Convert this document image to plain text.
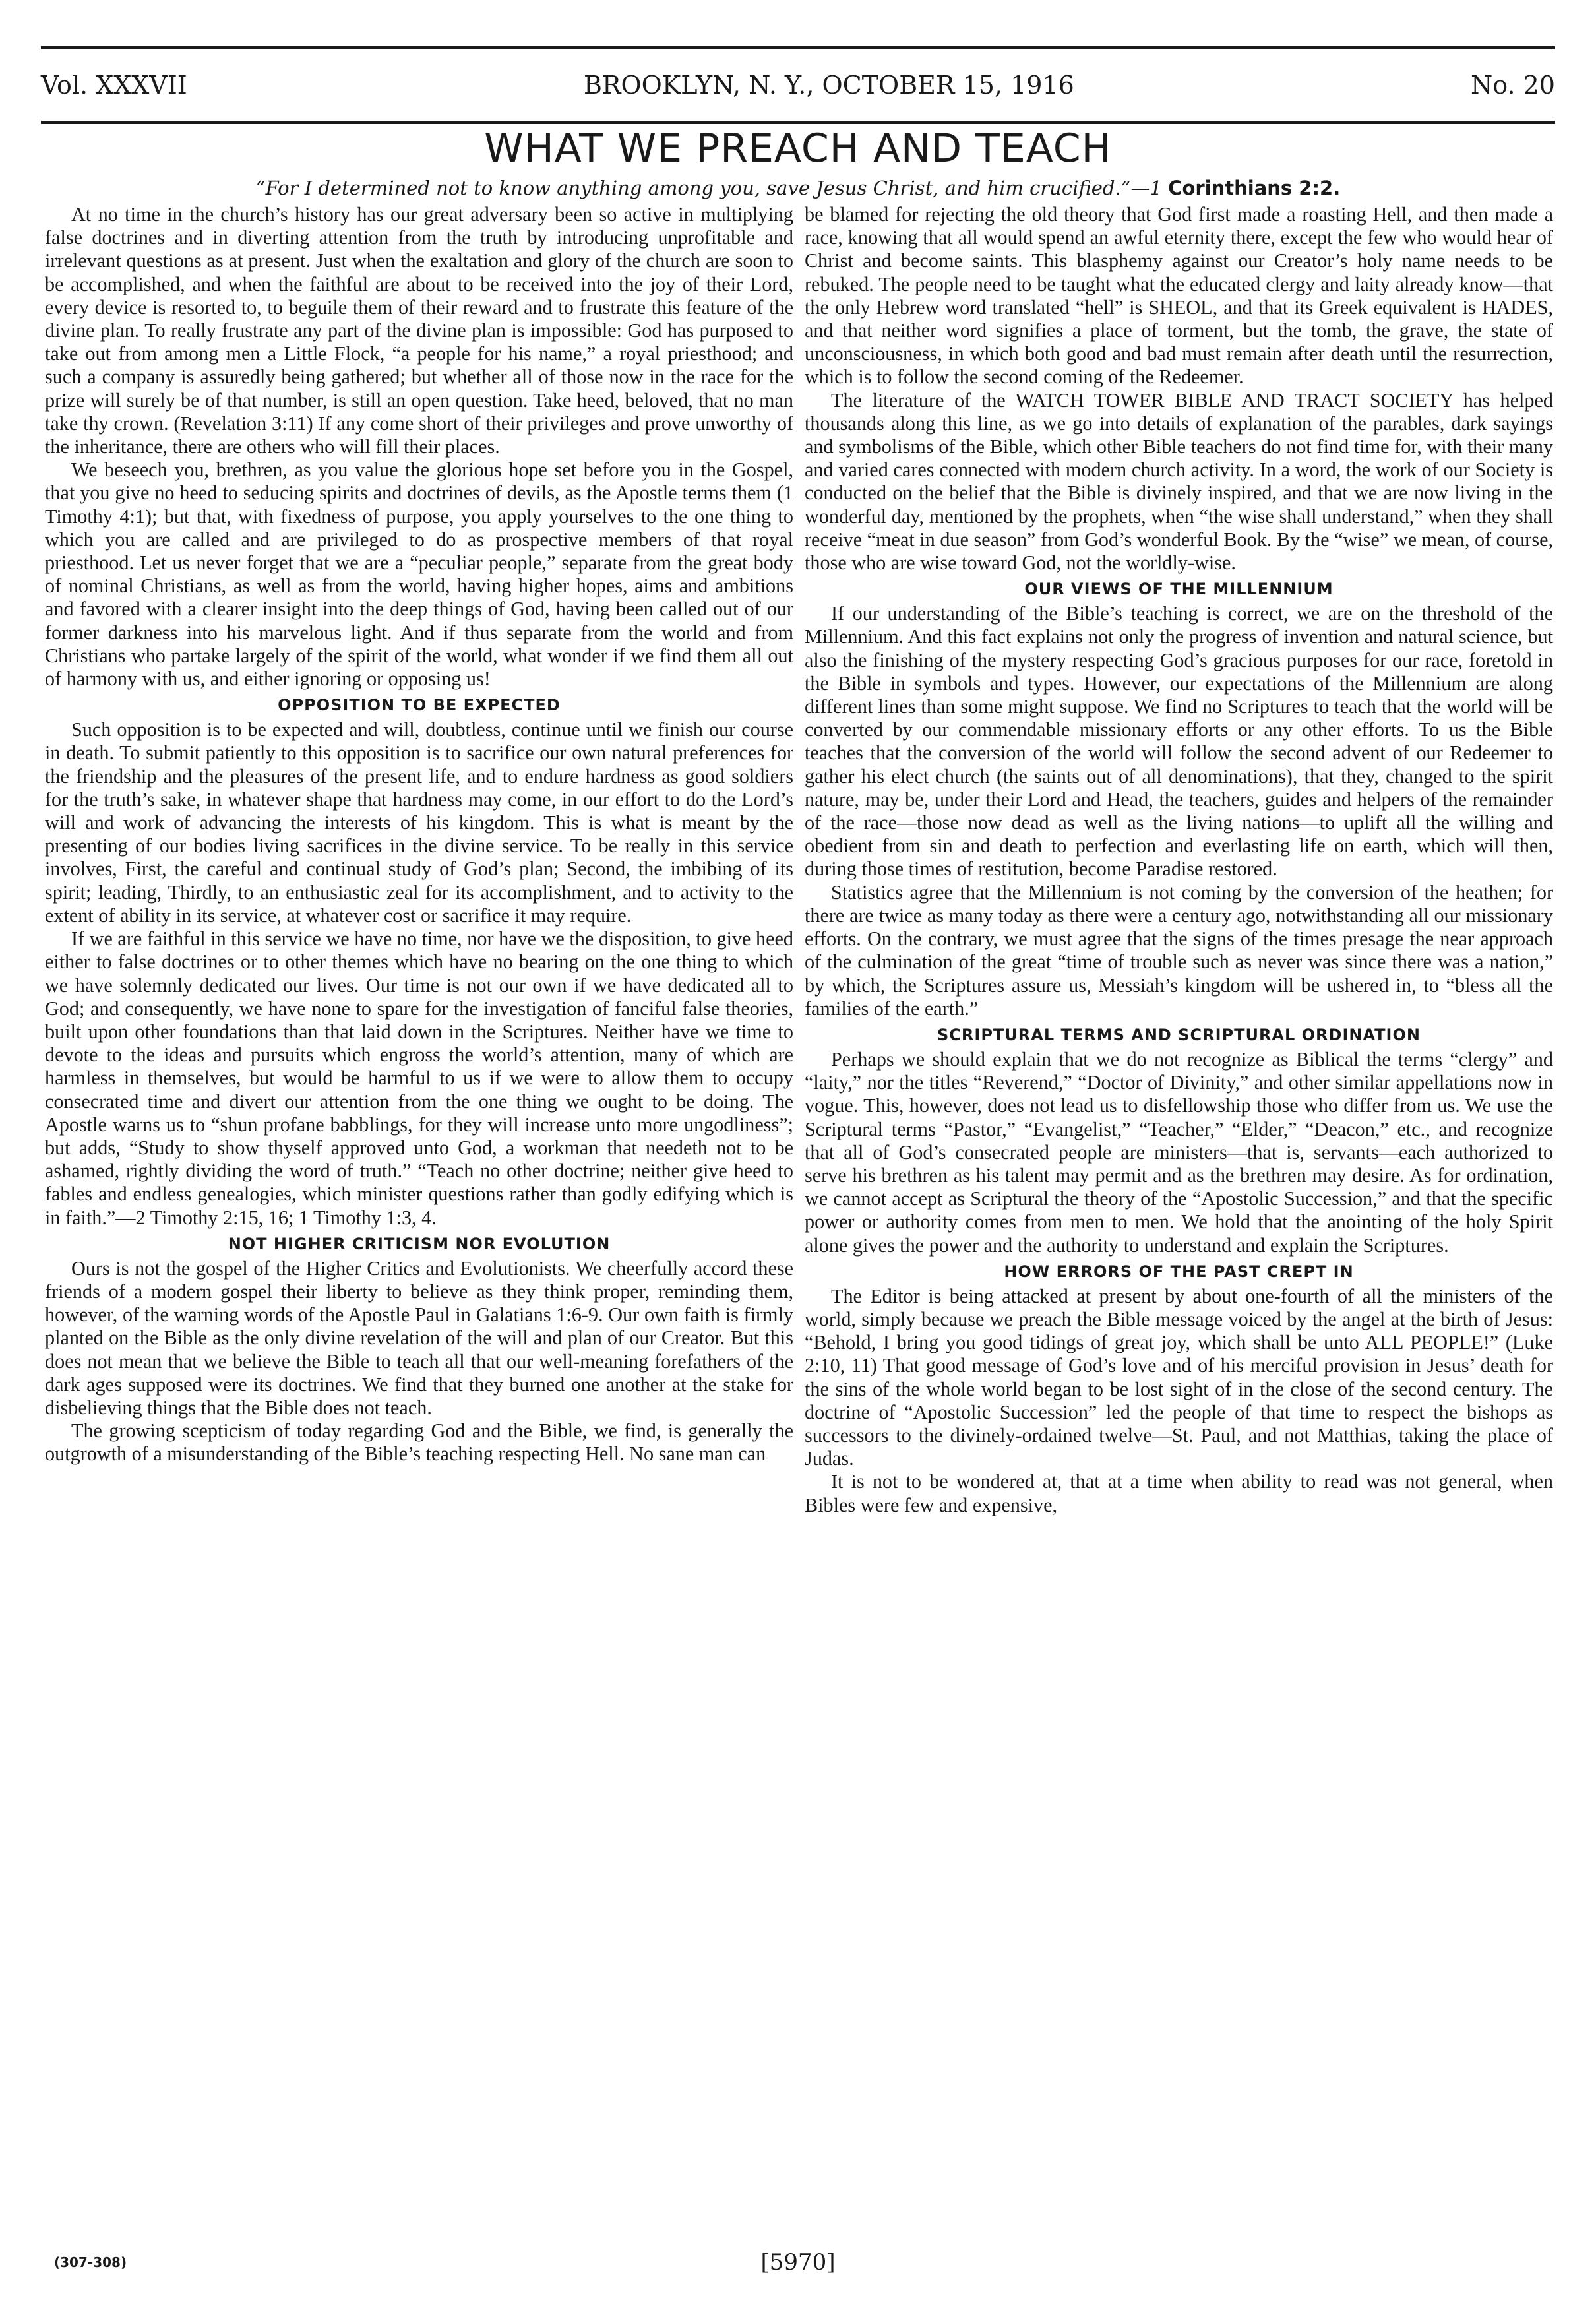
Vol. XXXVII	BROOKLYN, N. Y., OCTOBER 15, 1916	No. 20
WHAT WE PREACH AND TEACH
“For I determined not to know anything among you, save Jesus Christ, and him crucified.”—1 Corinthians 2:2.

At no time in the church’s history has our great adversary been so active in multiplying false doctrines and in diverting attention from the truth by introducing unprofitable and irrelevant questions as at present. Just when the exaltation and glory of the church are soon to be accomplished, and when the faithful are about to be received into the joy of their Lord, every device is resorted to, to beguile them of their reward and to frustrate this feature of the divine plan. To really frustrate any part of the divine plan is impossible: God has purposed to take out from among men a Little Flock, “a people for his name,” a royal priesthood; and such a company is assuredly being gathered; but whether all of those now in the race for the prize will surely be of that number, is still an open question. Take heed, beloved, that no man take thy crown. (Revelation 3:11) If any come short of their privileges and prove unworthy of the inheritance, there are others who will fill their places.

We beseech you, brethren, as you value the glorious hope set before you in the Gospel, that you give no heed to seducing spirits and doctrines of devils, as the Apostle terms them (1 Timothy 4:1); but that, with fixedness of purpose, you apply yourselves to the one thing to which you are called and are privileged to do as prospective members of that royal priesthood. Let us never forget that we are a “peculiar people,” separate from the great body of nominal Christians, as well as from the world, having higher hopes, aims and ambitions and favored with a clearer insight into the deep things of God, having been called out of our former darkness into his marvelous light. And if thus separate from the world and from Christians who partake largely of the spirit of the world, what wonder if we find them all out of harmony with us, and either ignoring or opposing us!

OPPOSITION TO BE EXPECTED

Such opposition is to be expected and will, doubtless, continue until we finish our course in death. To submit patiently to this opposition is to sacrifice our own natural preferences for the friendship and the pleasures of the present life, and to endure hardness as good soldiers for the truth’s sake, in whatever shape that hardness may come, in our effort to do the Lord’s will and work of advancing the interests of his kingdom. This is what is meant by the presenting of our bodies living sacrifices in the divine service. To be really in this service involves, First, the careful and continual study of God’s plan; Second, the imbibing of its spirit; leading, Thirdly, to an enthusiastic zeal for its accomplishment, and to activity to the extent of ability in its service, at whatever cost or sacrifice it may require.

If we are faithful in this service we have no time, nor have we the disposition, to give heed either to false doctrines or to other themes which have no bearing on the one thing to which we have solemnly dedicated our lives. Our time is not our own if we have dedicated all to God; and consequently, we have none to spare for the investigation of fanciful false theories, built upon other foundations than that laid down in the Scriptures. Neither have we time to devote to the ideas and pursuits which engross the world’s attention, many of which are harmless in themselves, but would be harmful to us if we were to allow them to occupy consecrated time and divert our attention from the one thing we ought to be doing. The Apostle warns us to “shun profane babblings, for they will increase unto more ungodliness”; but adds, “Study to show thyself approved unto God, a workman that needeth not to be ashamed, rightly dividing the word of truth.” “Teach no other doctrine; neither give heed to fables and endless genealogies, which minister questions rather than godly edifying which is in faith.”—2 Timothy 2:15, 16; 1 Timothy 1:3, 4.

NOT HIGHER CRITICISM NOR EVOLUTION

Ours is not the gospel of the Higher Critics and Evolutionists. We cheerfully accord these friends of a modern gospel their liberty to believe as they think proper, reminding them, however, of the warning words of the Apostle Paul in Galatians 1:6-9. Our own faith is firmly planted on the Bible as the only divine revelation of the will and plan of our Creator. But this does not mean that we believe the Bible to teach all that our well-meaning forefathers of the dark ages supposed were its doctrines. We find that they burned one another at the stake for disbelieving things that the Bible does not teach.

The growing scepticism of today regarding God and the Bible, we find, is generally the outgrowth of a misunderstanding of the Bible’s teaching respecting Hell. No sane man can

be blamed for rejecting the old theory that God first made a roasting Hell, and then made a race, knowing that all would spend an awful eternity there, except the few who would hear of Christ and become saints. This blasphemy against our Creator’s holy name needs to be rebuked. The people need to be taught what the educated clergy and laity already know—that the only Hebrew word translated “hell” is SHEOL, and that its Greek equivalent is HADES, and that neither word signifies a place of torment, but the tomb, the grave, the state of unconsciousness, in which both good and bad must remain after death until the resurrection, which is to follow the second coming of the Redeemer.

The literature of the WATCH TOWER BIBLE AND TRACT SOCIETY has helped thousands along this line, as we go into details of explanation of the parables, dark sayings and symbolisms of the Bible, which other Bible teachers do not find time for, with their many and varied cares connected with modern church activity. In a word, the work of our Society is conducted on the belief that the Bible is divinely inspired, and that we are now living in the wonderful day, mentioned by the prophets, when “the wise shall understand,” when they shall receive “meat in due season” from God’s wonderful Book. By the “wise” we mean, of course, those who are wise toward God, not the worldly-wise.

OUR VIEWS OF THE MILLENNIUM

If our understanding of the Bible’s teaching is correct, we are on the threshold of the Millennium. And this fact explains not only the progress of invention and natural science, but also the finishing of the mystery respecting God’s gracious purposes for our race, foretold in the Bible in symbols and types. However, our expectations of the Millennium are along different lines than some might suppose. We find no Scriptures to teach that the world will be converted by our commendable missionary efforts or any other efforts. To us the Bible teaches that the conversion of the world will follow the second advent of our Redeemer to gather his elect church (the saints out of all denominations), that they, changed to the spirit nature, may be, under their Lord and Head, the teachers, guides and helpers of the remainder of the race—those now dead as well as the living nations—to uplift all the willing and obedient from sin and death to perfection and everlasting life on earth, which will then, during those times of restitution, become Paradise restored.

Statistics agree that the Millennium is not coming by the conversion of the heathen; for there are twice as many today as there were a century ago, notwithstanding all our missionary efforts. On the contrary, we must agree that the signs of the times presage the near approach of the culmination of the great “time of trouble such as never was since there was a nation,” by which, the Scriptures assure us, Messiah’s kingdom will be ushered in, to “bless all the families of the earth.”

SCRIPTURAL TERMS AND SCRIPTURAL ORDINATION

Perhaps we should explain that we do not recognize as Biblical the terms “clergy” and “laity,” nor the titles “Reverend,” “Doctor of Divinity,” and other similar appellations now in vogue. This, however, does not lead us to disfellowship those who differ from us. We use the Scriptural terms “Pastor,” “Evangelist,” “Teacher,” “Elder,” “Deacon,” etc., and recognize that all of God’s consecrated people are ministers—that is, servants—each authorized to serve his brethren as his talent may permit and as the brethren may desire. As for ordination, we cannot accept as Scriptural the theory of the “Apostolic Succession,” and that the specific power or authority comes from men to men. We hold that the anointing of the holy Spirit alone gives the power and the authority to understand and explain the Scriptures.

HOW ERRORS OF THE PAST CREPT IN

The Editor is being attacked at present by about one-fourth of all the ministers of the world, simply because we preach the Bible message voiced by the angel at the birth of Jesus: “Behold, I bring you good tidings of great joy, which shall be unto ALL PEOPLE!” (Luke 2:10, 11) That good message of God’s love and of his merciful provision in Jesus’ death for the sins of the whole world began to be lost sight of in the close of the second century. The doctrine of “Apostolic Succession” led the people of that time to respect the bishops as successors to the divinely-ordained twelve—St. Paul, and not Matthias, taking the place of Judas.

It is not to be wondered at, that at a time when ability to read was not general, when Bibles were few and expensive,

(307-308)	[5970]
